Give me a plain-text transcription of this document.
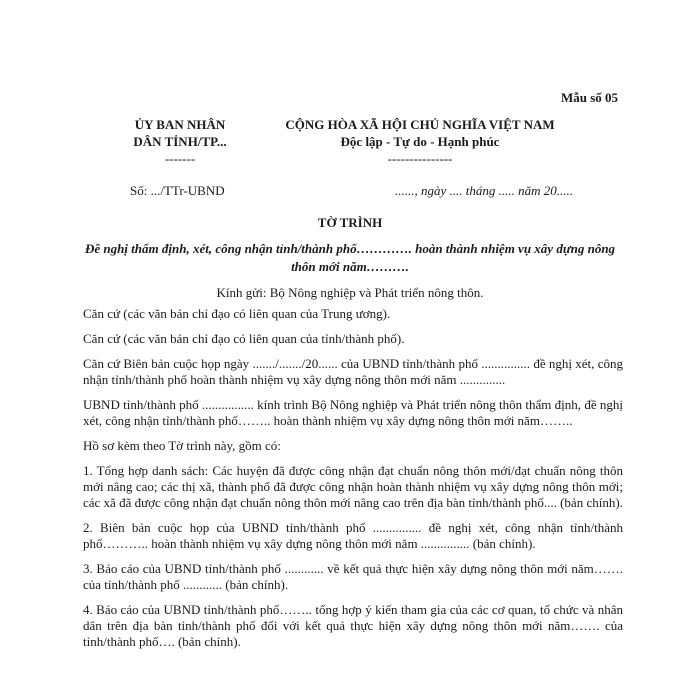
Mẫu số 05
ỦY BAN NHÂN
DÂN TỈNH/TP...
-------
CỘNG HÒA XÃ HỘI CHỦ NGHĨA VIỆT NAM
Độc lập - Tự do - Hạnh phúc
---------------
Số: .../TTr-UBND	......, ngày .... tháng ..... năm 20.....
TỜ TRÌNH
Đề nghị thẩm định, xét, công nhận tỉnh/thành phố…………. hoàn thành nhiệm vụ xây dựng nông thôn mới năm……….
Kính gửi: Bộ Nông nghiệp và Phát triển nông thôn.

Căn cứ (các văn bản chỉ đạo có liên quan của Trung ương).

Căn cứ (các văn bản chỉ đạo có liên quan của tỉnh/thành phố).

Căn cứ Biên bản cuộc họp ngày ......./......./20...... của UBND tỉnh/thành phố ............... đề nghị xét, công nhận tỉnh/thành phố hoàn thành nhiệm vụ xây dựng nông thôn mới năm ..............

UBND tỉnh/thành phố ................ kính trình Bộ Nông nghiệp và Phát triển nông thôn thẩm định, đề nghị xét, công nhận tỉnh/thành phố…….. hoàn thành nhiệm vụ xây dựng nông thôn mới năm……..

Hồ sơ kèm theo Tờ trình này, gồm có:

1. Tổng hợp danh sách: Các huyện đã được công nhận đạt chuẩn nông thôn mới/đạt chuẩn nông thôn mới nâng cao; các thị xã, thành phố đã được công nhận hoàn thành nhiệm vụ xây dựng nông thôn mới; các xã đã được công nhận đạt chuẩn nông thôn mới nâng cao trên địa bàn tỉnh/thành phố.... (bản chính).

2. Biên bản cuộc họp của UBND tỉnh/thành phố ............... đề nghị xét, công nhận tỉnh/thành phố……….. hoàn thành nhiệm vụ xây dựng nông thôn mới năm ............... (bản chính).

3. Báo cáo của UBND tỉnh/thành phố ............ về kết quả thực hiện xây dựng nông thôn mới năm……. của tỉnh/thành phố ............ (bản chính).

4. Báo cáo của UBND tỉnh/thành phố…….. tổng hợp ý kiến tham gia của các cơ quan, tổ chức và nhân dân trên địa bàn tỉnh/thành phố đối với kết quả thực hiện xây dựng nông thôn mới năm……. của tỉnh/thành phố…. (bản chính).
